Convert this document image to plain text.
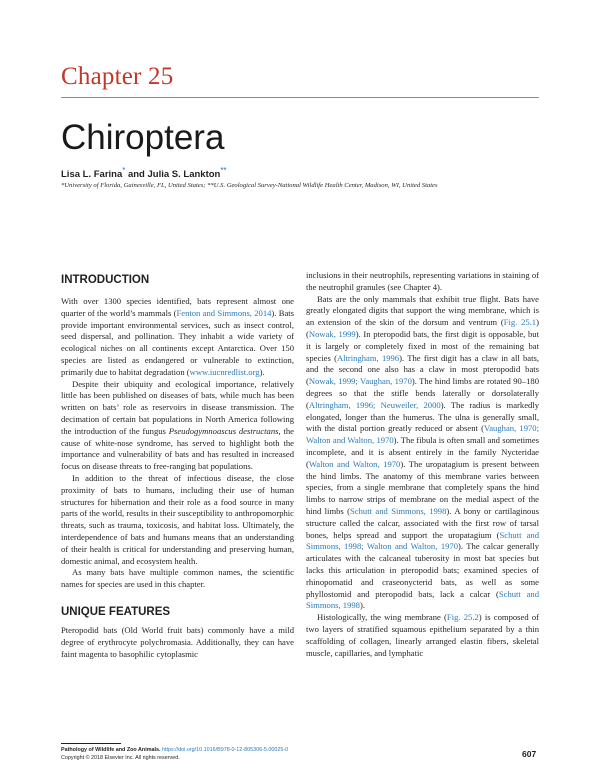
Chapter 25
Chiroptera
Lisa L. Farina* and Julia S. Lankton**
*University of Florida, Gainesville, FL, United States; **U.S. Geological Survey-National Wildlife Health Center, Madison, WI, United States
INTRODUCTION

With over 1300 species identified, bats represent almost one quarter of the world’s mammals (Fenton and Simmons, 2014). Bats provide important environmental services, such as insect control, seed dispersal, and pollination. They inhabit a wide variety of ecological niches on all continents except Antarctica. Over 150 species are listed as endangered or vulnerable to extinction, primarily due to habitat degradation (www.iucnredlist.org).

Despite their ubiquity and ecological importance, relatively little has been published on diseases of bats, while much has been written on bats’ role as reservoirs in disease transmission. The decimation of certain bat populations in North America following the introduction of the fungus Pseudogymnoascus destructans, the cause of white-nose syndrome, has served to highlight both the importance and vulnerability of bats and has resulted in increased focus on disease threats to free-ranging bat populations.

In addition to the threat of infectious disease, the close proximity of bats to humans, including their use of human structures for hibernation and their role as a food source in many parts of the world, results in their susceptibility to anthropomorphic threats, such as trauma, toxicosis, and habitat loss. Ultimately, the interdependence of bats and humans means that an understanding of their health is critical for understanding and preserving human, domestic animal, and ecosystem health.

As many bats have multiple common names, the scientific names for species are used in this chapter.

UNIQUE FEATURES

Pteropodid bats (Old World fruit bats) commonly have a mild degree of erythrocyte polychromasia. Additionally, they can have faint magenta to basophilic cytoplasmic

inclusions in their neutrophils, representing variations in staining of the neutrophil granules (see Chapter 4).

Bats are the only mammals that exhibit true flight. Bats have greatly elongated digits that support the wing membrane, which is an extension of the skin of the dorsum and ventrum (Fig. 25.1) (Nowak, 1999). In pteropodid bats, the first digit is opposable, but it is largely or completely fixed in most of the remaining bat species (Altringham, 1996). The first digit has a claw in all bats, and the second one also has a claw in most pteropodid bats (Nowak, 1999; Vaughan, 1970). The hind limbs are rotated 90–180 degrees so that the stifle bends laterally or dorsolaterally (Altringham, 1996; Neuweiler, 2000). The radius is markedly elongated, longer than the humerus. The ulna is generally small, with the distal portion greatly reduced or absent (Vaughan, 1970; Walton and Walton, 1970). The fibula is often small and sometimes incomplete, and it is absent entirely in the family Nycteridae (Walton and Walton, 1970). The uropatagium is present between the hind limbs. The anatomy of this membrane varies between species, from a single membrane that completely spans the hind limbs to narrow strips of membrane on the medial aspect of the hind limbs (Schutt and Simmons, 1998). A bony or cartilaginous structure called the calcar, associated with the first row of tarsal bones, helps spread and support the uropatagium (Schutt and Simmons, 1998; Walton and Walton, 1970). The calcar generally articulates with the calcaneal tuberosity in most bat species but lacks this articulation in pteropodid bats; examined species of rhinopomatid and craseonycterid bats, as well as some phyllostomid and pteropodid bats, lack a calcar (Schutt and Simmons, 1998).

Histologically, the wing membrane (Fig. 25.2) is composed of two layers of stratified squamous epithelium separated by a thin scaffolding of collagen, linearly arranged elastin fibers, skeletal muscle, capillaries, and lymphatic

Pathology of Wildlife and Zoo Animals. https://doi.org/10.1016/B978-0-12-805306-5.00025-0
Copyright © 2018 Elsevier Inc. All rights reserved.	607
